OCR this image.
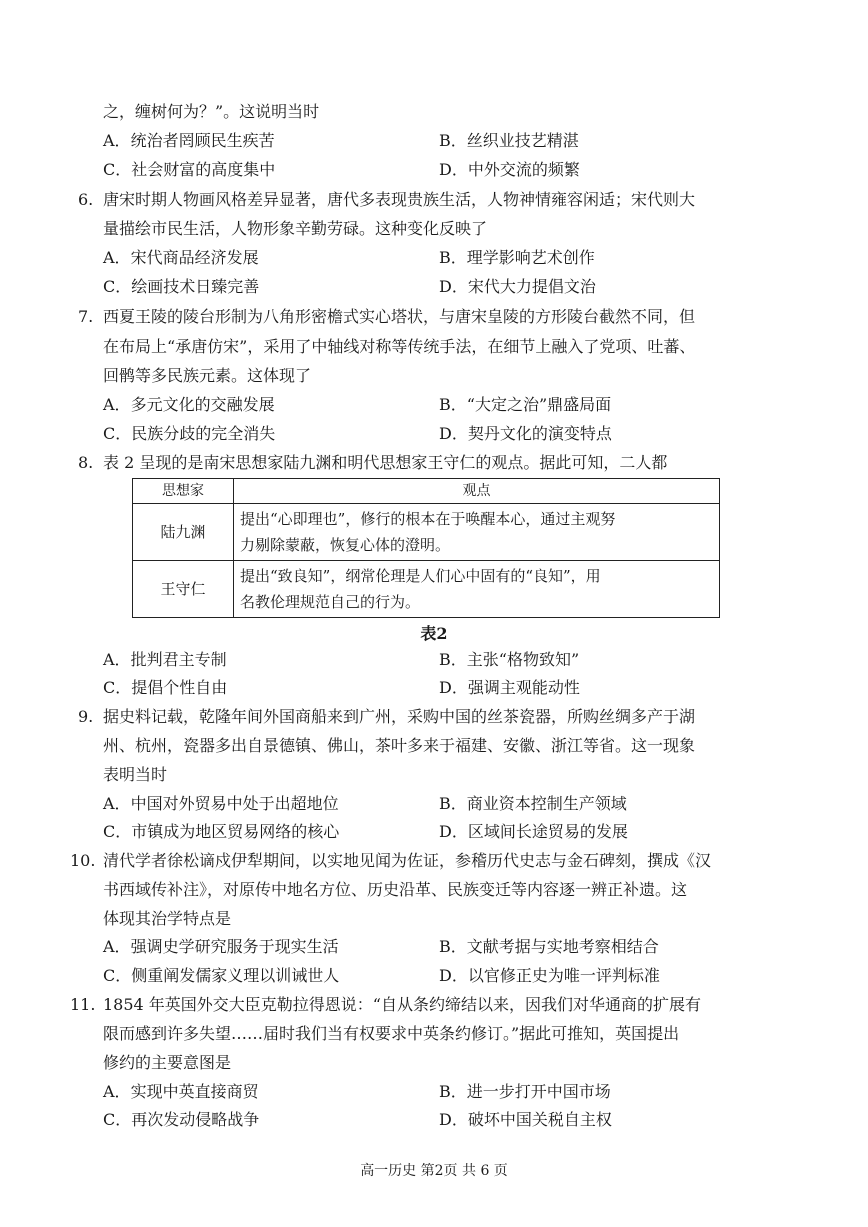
之，缠树何为？”。这说明当时
A．统治者罔顾民生疾苦	B．丝织业技艺精湛
C．社会财富的高度集中	D．中外交流的频繁
6. 唐宋时期人物画风格差异显著，唐代多表现贵族生活，人物神情雍容闲适；宋代则大
量描绘市民生活，人物形象辛勤劳碌。这种变化反映了
A．宋代商品经济发展	B．理学影响艺术创作
C．绘画技术日臻完善	D．宋代大力提倡文治
7. 西夏王陵的陵台形制为八角形密檐式实心塔状，与唐宋皇陵的方形陵台截然不同，但
在布局上“承唐仿宋”，采用了中轴线对称等传统手法，在细节上融入了党项、吐蕃、
回鹘等多民族元素。这体现了
A．多元文化的交融发展	B．“大定之治”鼎盛局面
C．民族分歧的完全消失	D．契丹文化的演变特点
8. 表 2 呈现的是南宋思想家陆九渊和明代思想家王守仁的观点。据此可知，二人都
思想家	观点
陆九渊	提出“心即理也”，修行的根本在于唤醒本心，通过主观努
力剔除蒙蔽，恢复心体的澄明。

王守仁	提出“致良知”，纲常伦理是人们心中固有的“良知”，用
名教伦理规范自己的行为。
表2
A．批判君主专制	B．主张“格物致知”
C．提倡个性自由	D．强调主观能动性
9. 据史料记载，乾隆年间外国商船来到广州，采购中国的丝茶瓷器，所购丝绸多产于湖
州、杭州，瓷器多出自景德镇、佛山，茶叶多来于福建、安徽、浙江等省。这一现象
表明当时
A．中国对外贸易中处于出超地位	B．商业资本控制生产领域
C．市镇成为地区贸易网络的核心	D．区域间长途贸易的发展
10. 清代学者徐松谪戍伊犁期间，以实地见闻为佐证，参稽历代史志与金石碑刻，撰成《汉
书西域传补注》，对原传中地名方位、历史沿革、民族变迁等内容逐一辨正补遗。这
体现其治学特点是
A．强调史学研究服务于现实生活	B．文献考据与实地考察相结合
C．侧重阐发儒家义理以训诫世人	D．以官修正史为唯一评判标准
11. 1854 年英国外交大臣克勒拉得恩说：“自从条约缔结以来，因我们对华通商的扩展有
限而感到许多失望……届时我们当有权要求中英条约修订。”据此可推知，英国提出
修约的主要意图是
A．实现中英直接商贸	B．进一步打开中国市场
C．再次发动侵略战争	D．破坏中国关税自主权
高一历史 第2页 共 6 页
